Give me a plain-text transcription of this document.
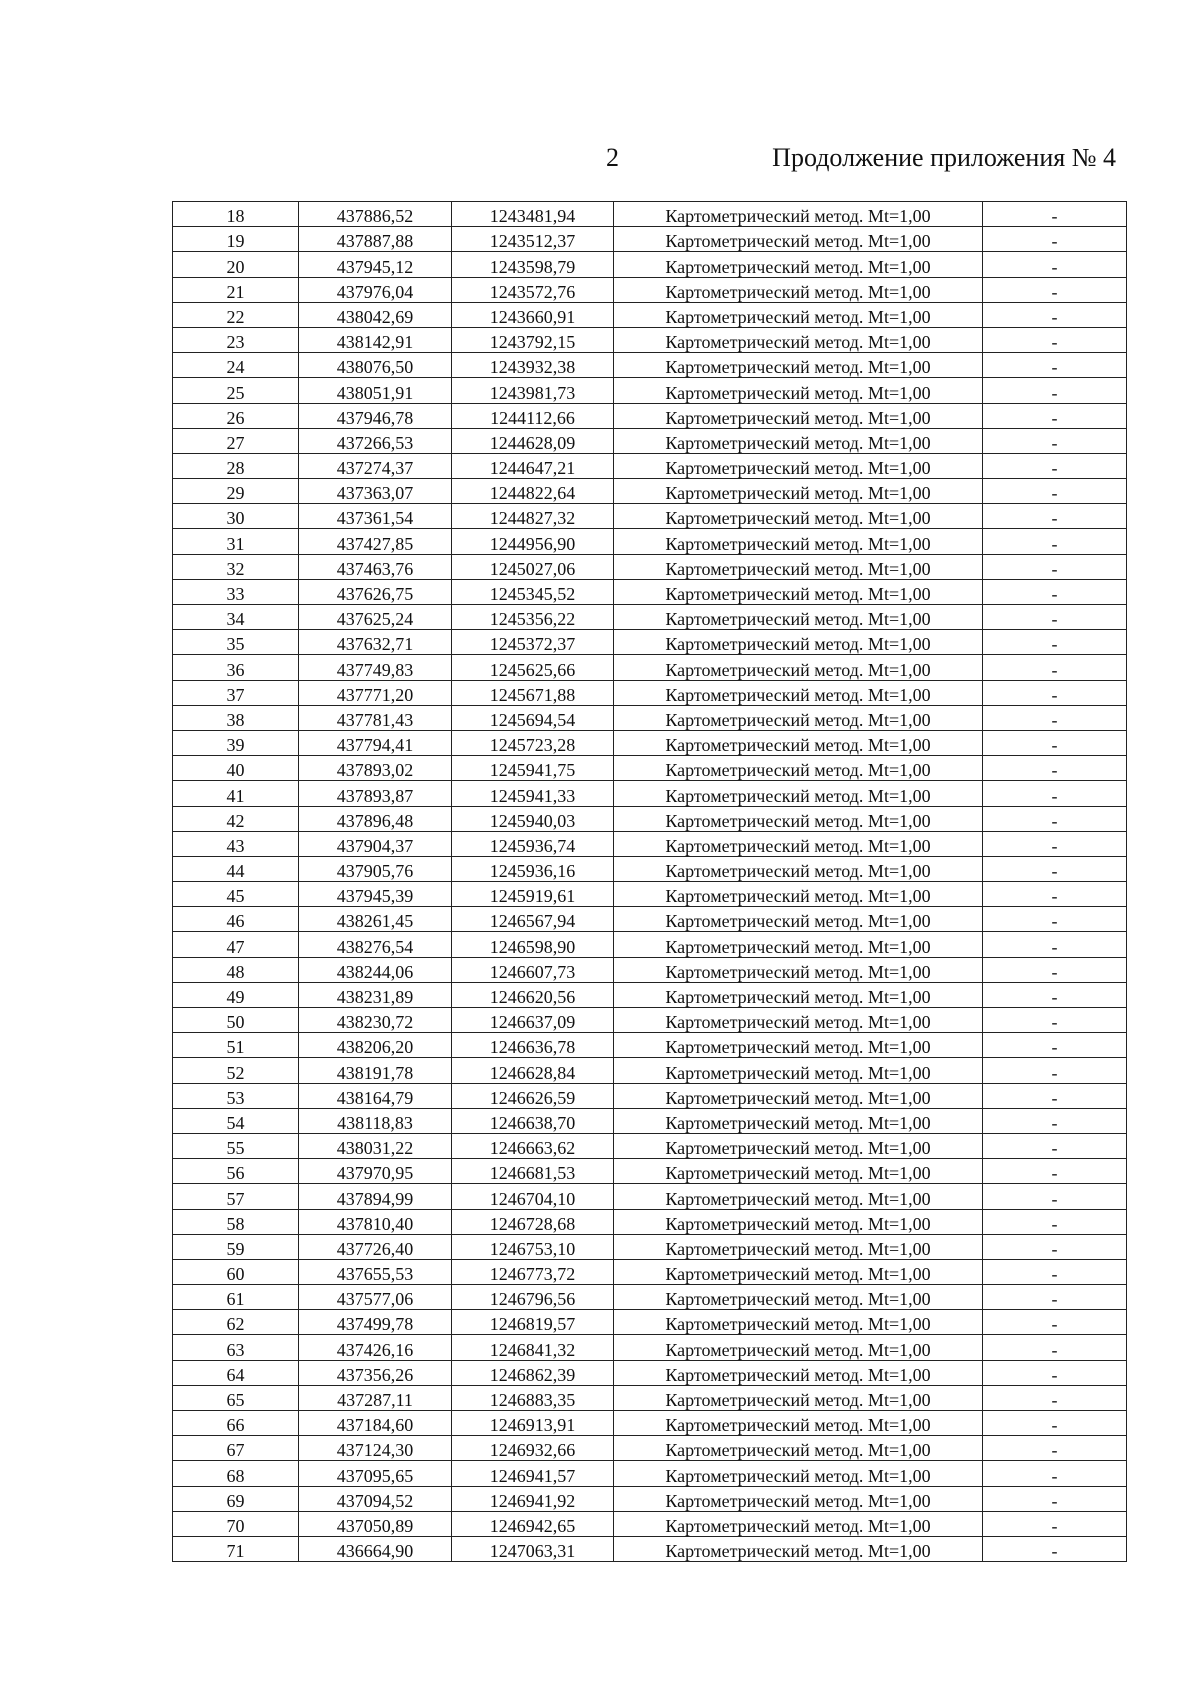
2	Продолжение приложения № 4
18	437886,52	1243481,94	Картометрический метод. Mt=1,00	-
19	437887,88	1243512,37	Картометрический метод. Mt=1,00	-
20	437945,12	1243598,79	Картометрический метод. Mt=1,00	-
21	437976,04	1243572,76	Картометрический метод. Mt=1,00	-
22	438042,69	1243660,91	Картометрический метод. Mt=1,00	-
23	438142,91	1243792,15	Картометрический метод. Mt=1,00	-
24	438076,50	1243932,38	Картометрический метод. Mt=1,00	-
25	438051,91	1243981,73	Картометрический метод. Mt=1,00	-
26	437946,78	1244112,66	Картометрический метод. Mt=1,00	-
27	437266,53	1244628,09	Картометрический метод. Mt=1,00	-
28	437274,37	1244647,21	Картометрический метод. Mt=1,00	-
29	437363,07	1244822,64	Картометрический метод. Mt=1,00	-
30	437361,54	1244827,32	Картометрический метод. Mt=1,00	-
31	437427,85	1244956,90	Картометрический метод. Mt=1,00	-
32	437463,76	1245027,06	Картометрический метод. Mt=1,00	-
33	437626,75	1245345,52	Картометрический метод. Mt=1,00	-
34	437625,24	1245356,22	Картометрический метод. Mt=1,00	-
35	437632,71	1245372,37	Картометрический метод. Mt=1,00	-
36	437749,83	1245625,66	Картометрический метод. Mt=1,00	-
37	437771,20	1245671,88	Картометрический метод. Mt=1,00	-
38	437781,43	1245694,54	Картометрический метод. Mt=1,00	-
39	437794,41	1245723,28	Картометрический метод. Mt=1,00	-
40	437893,02	1245941,75	Картометрический метод. Mt=1,00	-
41	437893,87	1245941,33	Картометрический метод. Mt=1,00	-
42	437896,48	1245940,03	Картометрический метод. Mt=1,00	-
43	437904,37	1245936,74	Картометрический метод. Mt=1,00	-
44	437905,76	1245936,16	Картометрический метод. Mt=1,00	-
45	437945,39	1245919,61	Картометрический метод. Mt=1,00	-
46	438261,45	1246567,94	Картометрический метод. Mt=1,00	-
47	438276,54	1246598,90	Картометрический метод. Mt=1,00	-
48	438244,06	1246607,73	Картометрический метод. Mt=1,00	-
49	438231,89	1246620,56	Картометрический метод. Mt=1,00	-
50	438230,72	1246637,09	Картометрический метод. Mt=1,00	-
51	438206,20	1246636,78	Картометрический метод. Mt=1,00	-
52	438191,78	1246628,84	Картометрический метод. Mt=1,00	-
53	438164,79	1246626,59	Картометрический метод. Mt=1,00	-
54	438118,83	1246638,70	Картометрический метод. Mt=1,00	-
55	438031,22	1246663,62	Картометрический метод. Mt=1,00	-
56	437970,95	1246681,53	Картометрический метод. Mt=1,00	-
57	437894,99	1246704,10	Картометрический метод. Mt=1,00	-
58	437810,40	1246728,68	Картометрический метод. Mt=1,00	-
59	437726,40	1246753,10	Картометрический метод. Mt=1,00	-
60	437655,53	1246773,72	Картометрический метод. Mt=1,00	-
61	437577,06	1246796,56	Картометрический метод. Mt=1,00	-
62	437499,78	1246819,57	Картометрический метод. Mt=1,00	-
63	437426,16	1246841,32	Картометрический метод. Mt=1,00	-
64	437356,26	1246862,39	Картометрический метод. Mt=1,00	-
65	437287,11	1246883,35	Картометрический метод. Mt=1,00	-
66	437184,60	1246913,91	Картометрический метод. Mt=1,00	-
67	437124,30	1246932,66	Картометрический метод. Mt=1,00	-
68	437095,65	1246941,57	Картометрический метод. Mt=1,00	-
69	437094,52	1246941,92	Картометрический метод. Mt=1,00	-
70	437050,89	1246942,65	Картометрический метод. Mt=1,00	-
71	436664,90	1247063,31	Картометрический метод. Mt=1,00	-
